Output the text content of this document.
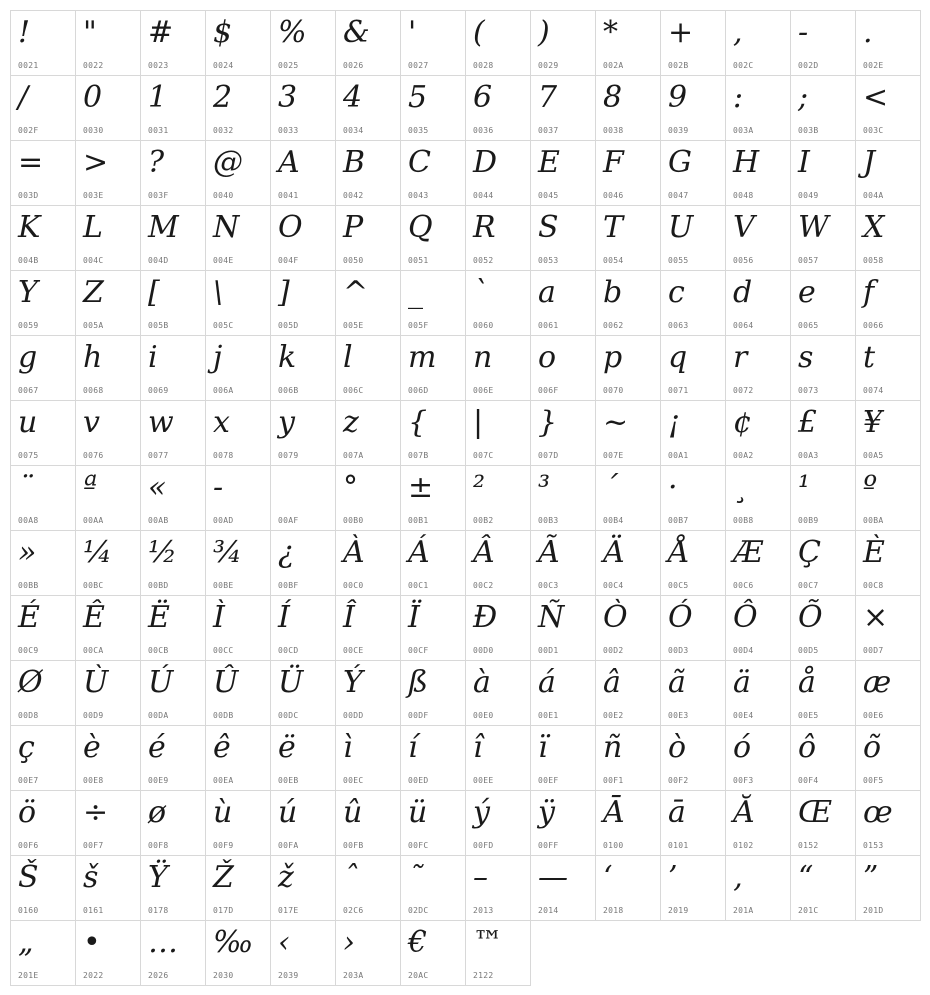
!
0021
"
0022
#
0023
$
0024
%
0025
&
0026
'
0027
(
0028
)
0029
*
002A
+
002B
,
002C
-
002D
.
002E
/
002F
0
0030
1
0031
2
0032
3
0033
4
0034
5
0035
6
0036
7
0037
8
0038
9
0039
:
003A
;
003B
<
003C
=
003D
>
003E
?
003F
@
0040
A
0041
B
0042
C
0043
D
0044
E
0045
F
0046
G
0047
H
0048
I
0049
J
004A
K
004B
L
004C
M
004D
N
004E
O
004F
P
0050
Q
0051
R
0052
S
0053
T
0054
U
0055
V
0056
W
0057
X
0058
Y
0059
Z
005A
[
005B
\
005C
]
005D
^
005E
_
005F
`
0060
a
0061
b
0062
c
0063
d
0064
e
0065
f
0066
g
0067
h
0068
i
0069
j
006A
k
006B
l
006C
m
006D
n
006E
o
006F
p
0070
q
0071
r
0072
s
0073
t
0074
u
0075
v
0076
w
0077
x
0078
y
0079
z
007A
{
007B
|
007C
}
007D
~
007E
¡
00A1
¢
00A2
£
00A3
¥
00A5
¨
00A8
ª
00AA
«
00AB
-
00AD	00AF
°
00B0
±
00B1
²
00B2
³
00B3
´
00B4
·
00B7
¸
00B8
¹
00B9
º
00BA
»
00BB
¼
00BC
½
00BD
¾
00BE
¿
00BF
À
00C0
Á
00C1
Â
00C2
Ã
00C3
Ä
00C4
Å
00C5
Æ
00C6
Ç
00C7
È
00C8
É
00C9
Ê
00CA
Ë
00CB
Ì
00CC
Í
00CD
Î
00CE
Ï
00CF
Ð
00D0
Ñ
00D1
Ò
00D2
Ó
00D3
Ô
00D4
Õ
00D5
×
00D7
Ø
00D8
Ù
00D9
Ú
00DA
Û
00DB
Ü
00DC
Ý
00DD
ß
00DF
à
00E0
á
00E1
â
00E2
ã
00E3
ä
00E4
å
00E5
æ
00E6
ç
00E7
è
00E8
é
00E9
ê
00EA
ë
00EB
ì
00EC
í
00ED
î
00EE
ï
00EF
ñ
00F1
ò
00F2
ó
00F3
ô
00F4
õ
00F5
ö
00F6
÷
00F7
ø
00F8
ù
00F9
ú
00FA
û
00FB
ü
00FC
ý
00FD
ÿ
00FF
Ā
0100
ā
0101
Ă
0102
Œ
0152
œ
0153
Š
0160
š
0161
Ÿ
0178
Ž
017D
ž
017E
ˆ
02C6
˜
02DC
–
2013
—
2014
‘
2018
’
2019
‚
201A
“
201C
”
201D
„
201E
•
2022
…
2026
‰
2030
‹
2039
›
203A
€
20AC
™
2122
